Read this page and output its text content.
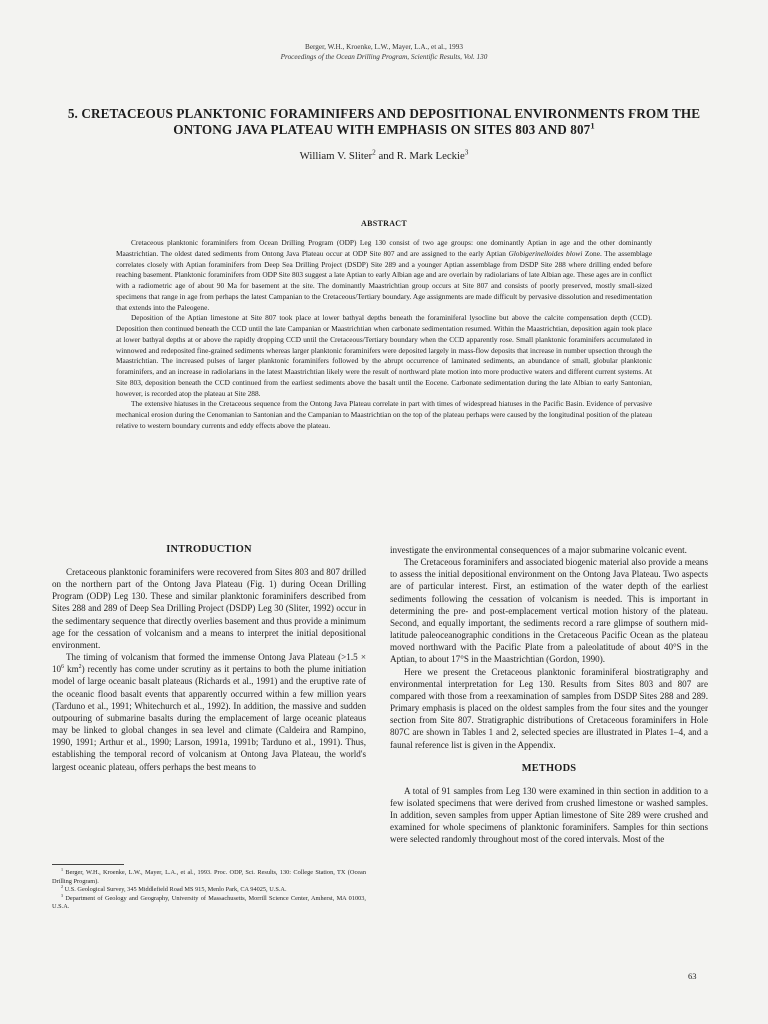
Berger, W.H., Kroenke, L.W., Mayer, L.A., et al., 1993
Proceedings of the Ocean Drilling Program, Scientific Results, Vol. 130
5. CRETACEOUS PLANKTONIC FORAMINIFERS AND DEPOSITIONAL ENVIRONMENTS FROM THE ONTONG JAVA PLATEAU WITH EMPHASIS ON SITES 803 AND $807^1$
William V. Sliter$^2$ and R. Mark Leckie$^3$
ABSTRACT

Cretaceous planktonic foraminifers from Ocean Drilling Program (ODP) Leg 130 consist of two age groups: one dominantly Aptian in age and the other dominantly Maastrichtian. The oldest dated sediments from Ontong Java Plateau occur at ODP Site 807 and are assigned to the early Aptian Globigerinelloides blowi Zone. The assemblage correlates closely with Aptian foraminifers from Deep Sea Drilling Project (DSDP) Site 289 and a younger Aptian assemblage from DSDP Site 288 where drilling ended before reaching basement. Planktonic foraminifers from ODP Site 803 suggest a late Aptian to early Albian age and are overlain by radiolarians of late Albian age. These ages are in conflict with a radiometric age of about 90 Ma for basement at the site. The dominantly Maastrichtian group occurs at Site 807 and consists of poorly preserved, mostly small-sized specimens that range in age from perhaps the latest Campanian to the Cretaceous/Tertiary boundary. Age assignments are made difficult by pervasive dissolution and resedimentation that extends into the Paleogene.

Deposition of the Aptian limestone at Site 807 took place at lower bathyal depths beneath the foraminiferal lysocline but above the calcite compensation depth (CCD). Deposition then continued beneath the CCD until the late Campanian or Maastrichtian when carbonate sedimentation resumed. Within the Maastrichtian, deposition again took place at lower bathyal depths at or above the rapidly dropping CCD until the Cretaceous/Tertiary boundary when the CCD apparently rose. Small planktonic foraminifers accumulated in winnowed and redeposited fine-grained sediments whereas larger planktonic foraminifers were deposited largely in mass-flow deposits that increase in number upsection through the Maastrichtian. The increased pulses of larger planktonic foraminifers followed by the abrupt occurrence of laminated sediments, an abundance of small, globular planktonic foraminifers, and an increase in radiolarians in the latest Maastrichtian likely were the result of northward plate motion into more productive waters and different current systems. At Site 803, deposition beneath the CCD continued from the earliest sediments above the basalt until the Eocene. Carbonate sedimentation during the late Albian to early Santonian, however, is recorded atop the plateau at Site 288.

The extensive hiatuses in the Cretaceous sequence from the Ontong Java Plateau correlate in part with times of widespread hiatuses in the Pacific Basin. Evidence of pervasive mechanical erosion during the Cenomanian to Santonian and the Campanian to Maastrichtian on the top of the plateau perhaps were caused by the longitudinal position of the plateau relative to western boundary currents and eddy effects above the plateau.

INTRODUCTION

Cretaceous planktonic foraminifers were recovered from Sites 803 and 807 drilled on the northern part of the Ontong Java Plateau (Fig. 1) during Ocean Drilling Program (ODP) Leg 130. These and similar planktonic foraminifers described from Sites 288 and 289 of Deep Sea Drilling Project (DSDP) Leg 30 (Sliter, 1992) occur in the sedimentary sequence that directly overlies basement and thus provide a minimum age for the cessation of volcanism and a means to interpret the initial depositional environment.

The timing of volcanism that formed the immense Ontong Java Plateau ($>1.5 \times 10^6$ $km^2$) recently has come under scrutiny as it pertains to both the plume initiation model of large oceanic basalt plateaus (Richards et al., 1991) and the eruptive rate of the oceanic flood basalt events that apparently occurred within a few million years (Tarduno et al., 1991; Whitechurch et al., 1992). In addition, the massive and sudden outpouring of submarine basalts during the emplacement of large oceanic plateaus may be linked to global changes in sea level and climate (Caldeira and Rampino, 1990, 1991; Arthur et al., 1990; Larson, 1991a, 1991b; Tarduno et al., 1991). Thus, establishing the temporal record of volcanism at Ontong Java Plateau, the world's largest oceanic plateau, offers perhaps the best means to

investigate the environmental consequences of a major submarine volcanic event.

The Cretaceous foraminifers and associated biogenic material also provide a means to assess the initial depositional environment on the Ontong Java Plateau. Two aspects are of particular interest. First, an estimation of the water depth of the earliest sediments following the cessation of volcanism is needed. This is important in determining the pre- and post-emplacement vertical motion history of the plateau. Second, and equally important, the sediments record a rare glimpse of southern mid-latitude paleoceanographic conditions in the Cretaceous Pacific Ocean as the plateau moved northward with the Pacific Plate from a paleolatitude of about 40°S in the Aptian, to about 17°S in the Maastrichtian (Gordon, 1990).

Here we present the Cretaceous planktonic foraminiferal biostratigraphy and environmental interpretation for Leg 130. Results from Sites 803 and 807 are compared with those from a reexamination of samples from DSDP Sites 288 and 289. Primary emphasis is placed on the oldest samples from the four sites and the younger section from Site 807. Stratigraphic distributions of Cretaceous foraminifers in Hole 807C are shown in Tables 1 and 2, selected species are illustrated in Plates 1–4, and a faunal reference list is given in the Appendix.

METHODS

A total of 91 samples from Leg 130 were examined in thin section in addition to a few isolated specimens that were derived from crushed limestone or washed samples. In addition, seven samples from upper Aptian limestone of Site 289 were crushed and examined for whole specimens of planktonic foraminifers. Samples for thin sections were selected randomly throughout most of the cored intervals. Most of the

$^1$ Berger, W.H., Kroenke, L.W., Mayer, L.A., et al., 1993. Proc. ODP, Sci. Results, 130: College Station, TX (Ocean Drilling Program).

$^2$ U.S. Geological Survey, 345 Middlefield Road MS 915, Menlo Park, CA 94025, U.S.A.

$^3$ Department of Geology and Geography, University of Massachusetts, Morrill Science Center, Amherst, MA 01003, U.S.A.

63
